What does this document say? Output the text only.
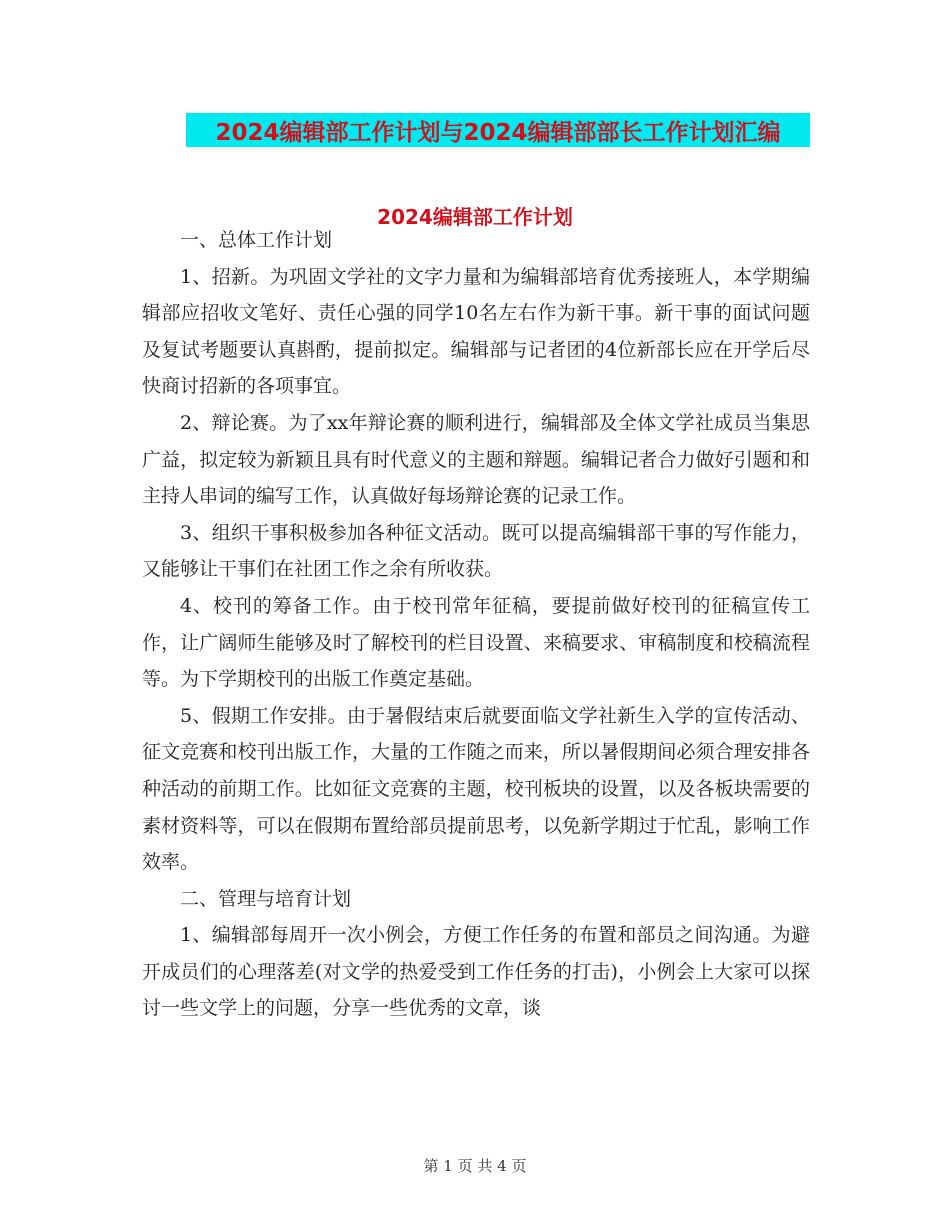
2024编辑部工作计划与2024编辑部部长工作计划汇编
2024编辑部工作计划

一、总体工作计划

1、招新。为巩固文学社的文字力量和为编辑部培育优秀接班人，本学期编辑部应招收文笔好、责任心强的同学10名左右作为新干事。新干事的面试问题及复试考题要认真斟酌，提前拟定。编辑部与记者团的4位新部长应在开学后尽快商讨招新的各项事宜。

2、辩论赛。为了xx年辩论赛的顺利进行，编辑部及全体文学社成员当集思广益，拟定较为新颖且具有时代意义的主题和辩题。编辑记者合力做好引题和和主持人串词的编写工作，认真做好每场辩论赛的记录工作。

3、组织干事积极参加各种征文活动。既可以提高编辑部干事的写作能力，又能够让干事们在社团工作之余有所收获。

4、校刊的筹备工作。由于校刊常年征稿，要提前做好校刊的征稿宣传工作，让广阔师生能够及时了解校刊的栏目设置、来稿要求、审稿制度和校稿流程等。为下学期校刊的出版工作奠定基础。

5、假期工作安排。由于暑假结束后就要面临文学社新生入学的宣传活动、征文竞赛和校刊出版工作，大量的工作随之而来，所以暑假期间必须合理安排各种活动的前期工作。比如征文竞赛的主题，校刊板块的设置，以及各板块需要的素材资料等，可以在假期布置给部员提前思考，以免新学期过于忙乱，影响工作效率。

二、管理与培育计划

1、编辑部每周开一次小例会，方便工作任务的布置和部员之间沟通。为避开成员们的心理落差(对文学的热爱受到工作任务的打击)，小例会上大家可以探讨一些文学上的问题，分享一些优秀的文章，谈

第 1 页 共 4 页
